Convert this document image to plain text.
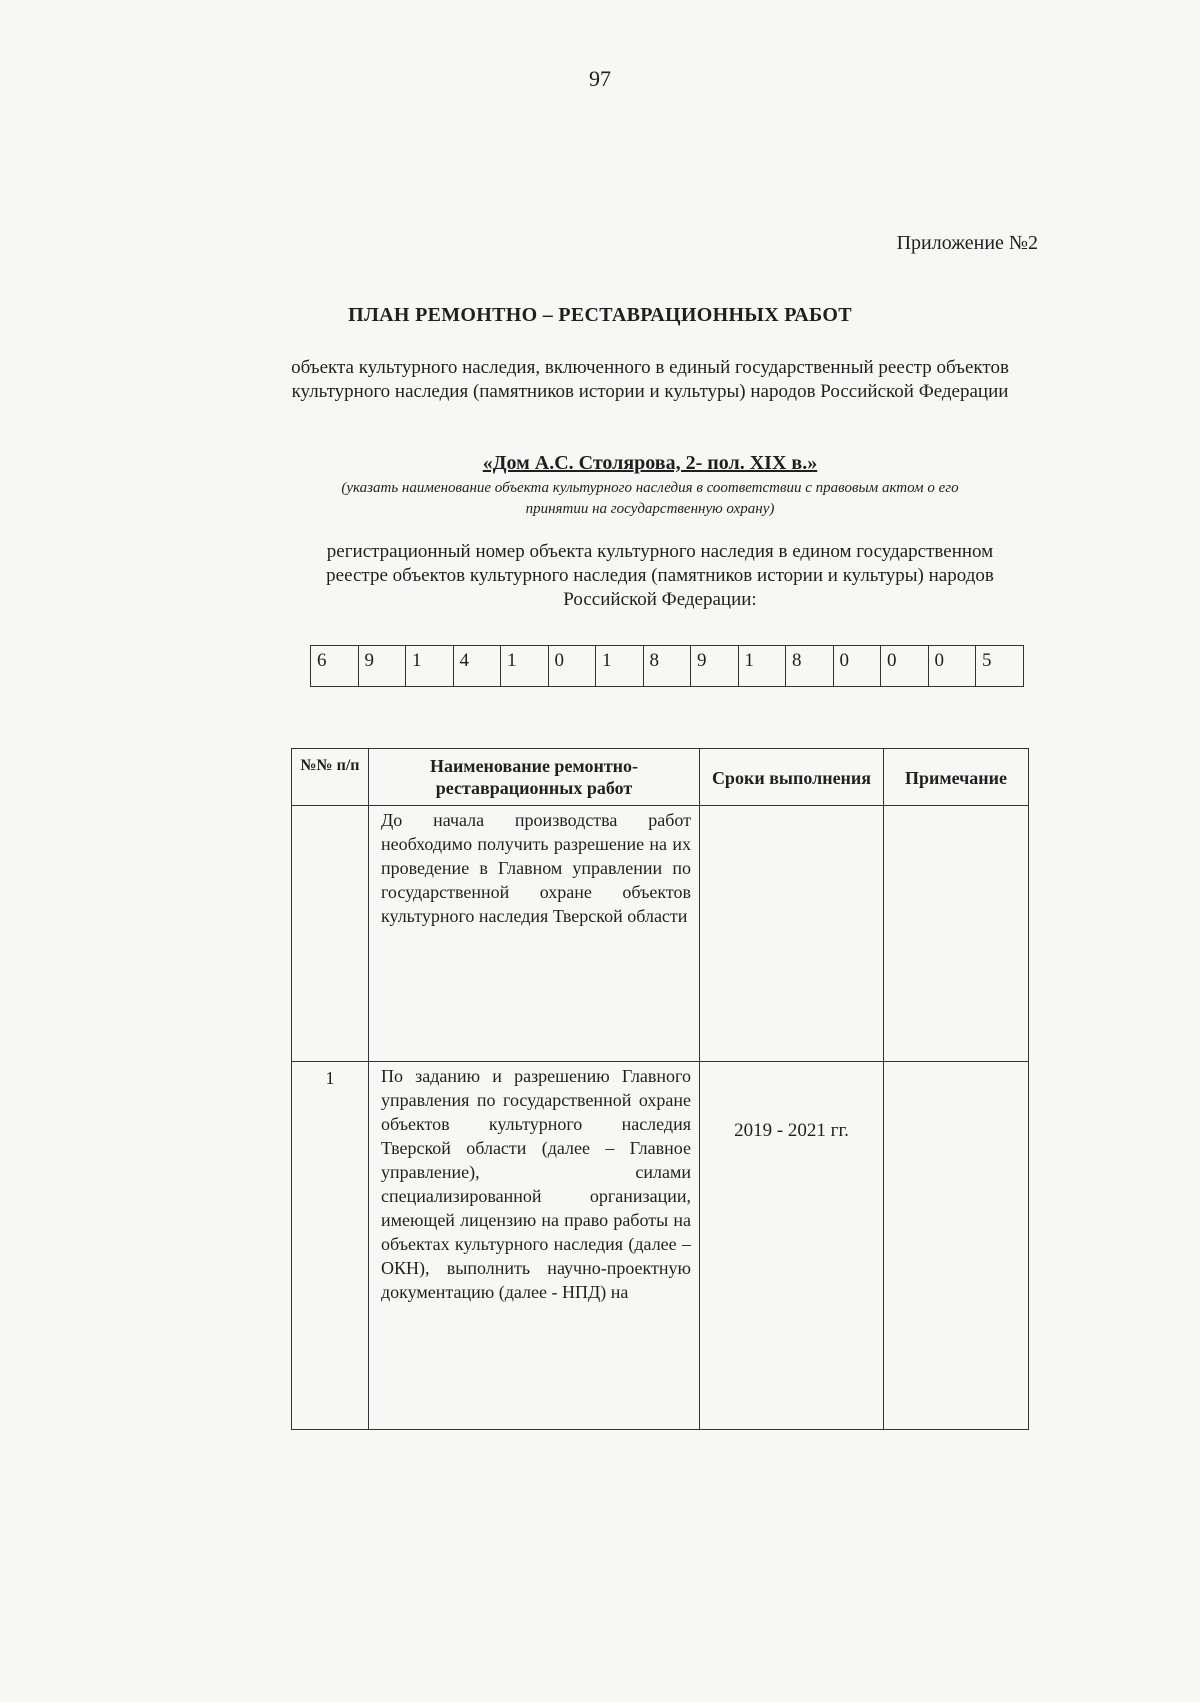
97
Приложение №2
ПЛАН РЕМОНТНО – РЕСТАВРАЦИОННЫХ РАБОТ
объекта культурного наследия, включенного в единый государственный реестр объектов культурного наследия (памятников истории и культуры) народов Российской Федерации
«Дом А.С. Столярова, 2- пол. XIX в.»
(указать наименование объекта культурного наследия в соответствии с правовым актом о его принятии на государственную охрану)
регистрационный номер объекта культурного наследия в едином государственном реестре объектов культурного наследия (памятников истории и культуры) народов Российской Федерации:
6	9	1	4	1	0	1	8	9	1	8	0	0	0	5
№№ п/п	Наименование ремонтно-реставрационных работ	Сроки выполнения	Примечание
	До начала производства работ необходимо получить разрешение на их проведение в Главном управлении по государственной охране объектов культурного наследия Тверской области		
1	По заданию и разрешению Главного управления по государственной охране объектов культурного наследия Тверской области (далее – Главное управление), силами специализированной организации, имеющей лицензию на право работы на объектах культурного наследия (далее – ОКН), выполнить научно-проектную документацию (далее - НПД) на	2019 - 2021 гг.	
